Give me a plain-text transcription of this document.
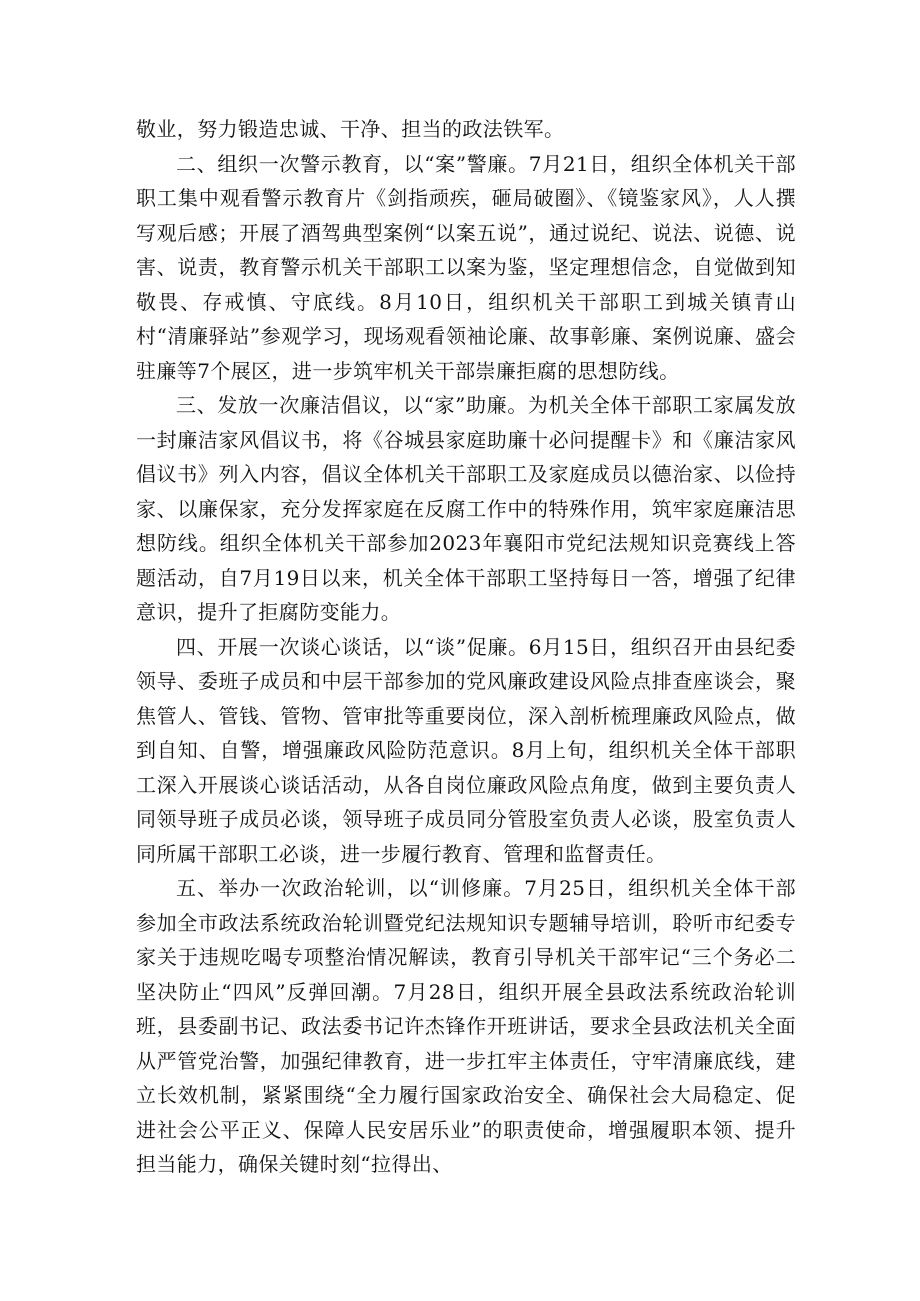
敬业，努力锻造忠诚、干净、担当的政法铁军。

二、组织一次警示教育，以“案”警廉。7月21日，组织全体机关干部职工集中观看警示教育片《剑指顽疾，砸局破圈》、《镜鉴家风》，人人撰写观后感；开展了酒驾典型案例“以案五说”，通过说纪、说法、说德、说害、说责，教育警示机关干部职工以案为鉴，坚定理想信念，自觉做到知敬畏、存戒慎、守底线。8月10日，组织机关干部职工到城关镇青山村“清廉驿站”参观学习，现场观看领袖论廉、故事彰廉、案例说廉、盛会驻廉等7个展区，进一步筑牢机关干部崇廉拒腐的思想防线。

三、发放一次廉洁倡议，以“家”助廉。为机关全体干部职工家属发放一封廉洁家风倡议书，将《谷城县家庭助廉十必问提醒卡》和《廉洁家风倡议书》列入内容，倡议全体机关干部职工及家庭成员以德治家、以俭持家、以廉保家，充分发挥家庭在反腐工作中的特殊作用，筑牢家庭廉洁思想防线。组织全体机关干部参加2023年襄阳市党纪法规知识竞赛线上答题活动，自7月19日以来，机关全体干部职工坚持每日一答，增强了纪律意识，提升了拒腐防变能力。

四、开展一次谈心谈话，以“谈”促廉。6月15日，组织召开由县纪委领导、委班子成员和中层干部参加的党风廉政建设风险点排查座谈会，聚焦管人、管钱、管物、管审批等重要岗位，深入剖析梳理廉政风险点，做到自知、自警，增强廉政风险防范意识。8月上旬，组织机关全体干部职工深入开展谈心谈话活动，从各自岗位廉政风险点角度，做到主要负责人同领导班子成员必谈，领导班子成员同分管股室负责人必谈，股室负责人同所属干部职工必谈，进一步履行教育、管理和监督责任。

五、举办一次政治轮训，以“训修廉。7月25日，组织机关全体干部参加全市政法系统政治轮训暨党纪法规知识专题辅导培训，聆听市纪委专家关于违规吃喝专项整治情况解读，教育引导机关干部牢记“三个务必二坚决防止“四风”反弹回潮。7月28日，组织开展全县政法系统政治轮训班，县委副书记、政法委书记许杰锋作开班讲话，要求全县政法机关全面从严管党治警，加强纪律教育，进一步扛牢主体责任，守牢清廉底线，建立长效机制，紧紧围绕“全力履行国家政治安全、确保社会大局稳定、促进社会公平正义、保障人民安居乐业”的职责使命，增强履职本领、提升担当能力，确保关键时刻“拉得出、
